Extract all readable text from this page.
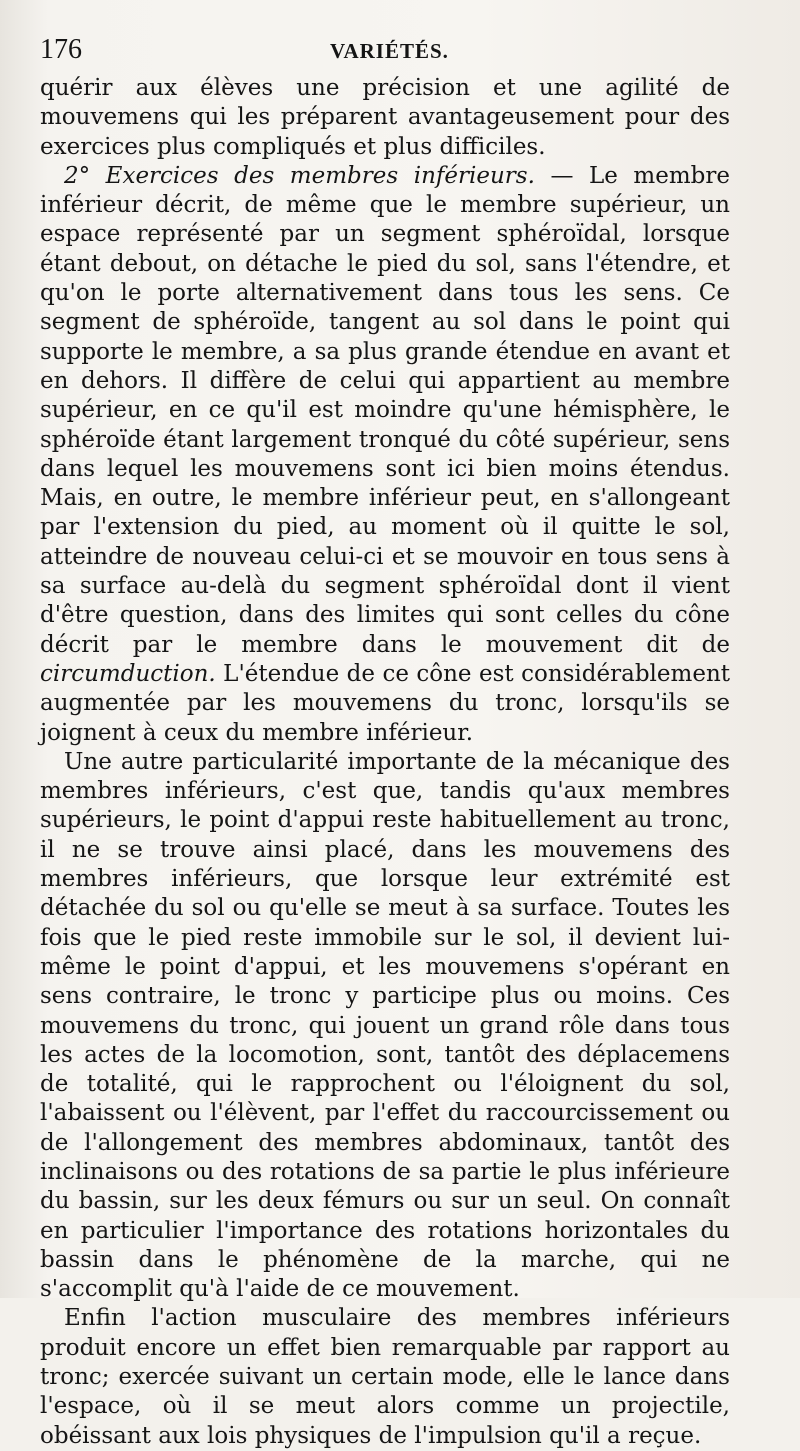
176	VARIÉTÉS.

quérir aux élèves une précision et une agilité de mouvemens qui les préparent avantageusement pour des exercices plus compliqués et plus difficiles.

2° Exercices des membres inférieurs. — Le membre inférieur décrit, de même que le membre supérieur, un espace représenté par un segment sphéroïdal, lorsque étant debout, on détache le pied du sol, sans l'étendre, et qu'on le porte alternativement dans tous les sens. Ce segment de sphéroïde, tangent au sol dans le point qui supporte le membre, a sa plus grande étendue en avant et en dehors. Il diffère de celui qui appartient au membre supérieur, en ce qu'il est moindre qu'une hémisphère, le sphéroïde étant largement tronqué du côté supérieur, sens dans lequel les mouvemens sont ici bien moins étendus. Mais, en outre, le membre inférieur peut, en s'allongeant par l'extension du pied, au moment où il quitte le sol, atteindre de nouveau celui-ci et se mouvoir en tous sens à sa surface au-delà du segment sphéroïdal dont il vient d'être question, dans des limites qui sont celles du cône décrit par le membre dans le mouvement dit de circumduction. L'étendue de ce cône est considérablement augmentée par les mouvemens du tronc, lorsqu'ils se joignent à ceux du membre inférieur.

Une autre particularité importante de la mécanique des membres inférieurs, c'est que, tandis qu'aux membres supérieurs, le point d'appui reste habituellement au tronc, il ne se trouve ainsi placé, dans les mouvemens des membres inférieurs, que lorsque leur extrémité est détachée du sol ou qu'elle se meut à sa surface. Toutes les fois que le pied reste immobile sur le sol, il devient lui-même le point d'appui, et les mouvemens s'opérant en sens contraire, le tronc y participe plus ou moins. Ces mouvemens du tronc, qui jouent un grand rôle dans tous les actes de la locomotion, sont, tantôt des déplacemens de totalité, qui le rapprochent ou l'éloignent du sol, l'abaissent ou l'élèvent, par l'effet du raccourcissement ou de l'allongement des membres abdominaux, tantôt des inclinaisons ou des rotations de sa partie le plus inférieure du bassin, sur les deux fémurs ou sur un seul. On connaît en particulier l'importance des rotations horizontales du bassin dans le phénomène de la marche, qui ne s'accomplit qu'à l'aide de ce mouvement.

Enfin l'action musculaire des membres inférieurs produit encore un effet bien remarquable par rapport au tronc; exercée suivant un certain mode, elle le lance dans l'espace, où il se meut alors comme un projectile, obéissant aux lois physiques de l'impulsion qu'il a reçue.
